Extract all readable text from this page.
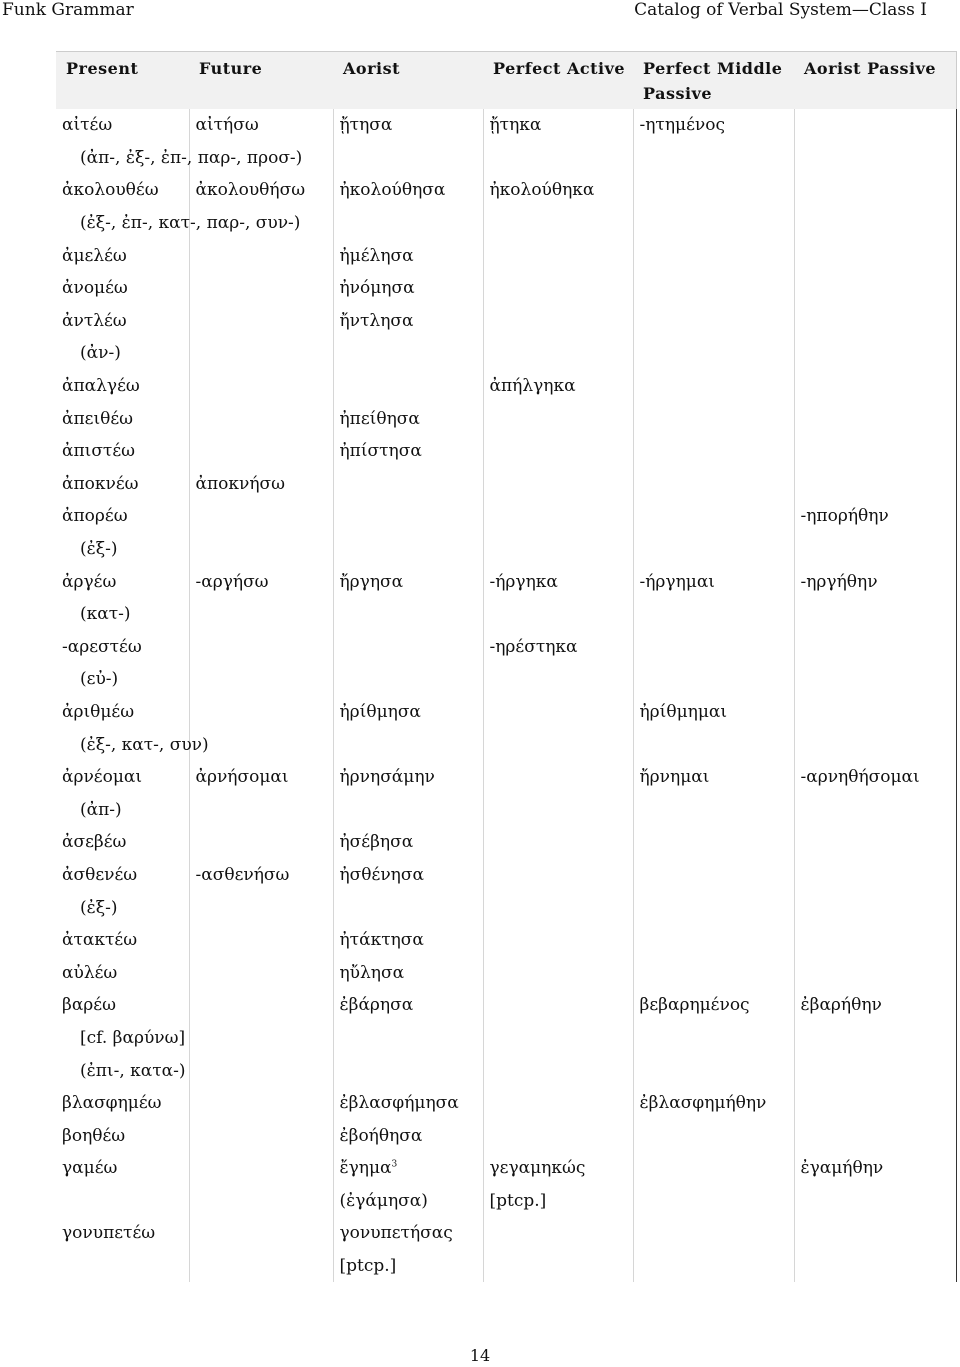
Funk Grammar	Catalog of Verbal System—Class I
Present	Future	Aorist	Perfect Active	Perfect Middle Passive	Aorist Passive
αἰτέω	αἰτήσω	ᾔτησα	ᾔτηκα	-ητημένος	
(ἀπ-, ἐξ-, ἐπ-, παρ-, προσ-)					
ἀκολουθέω	ἀκολουθήσω	ἠκολούθησα	ἠκολούθηκα		
(ἐξ-, ἐπ-, κατ-, παρ-, συν-)					
ἀμελέω		ἠμέλησα			
ἀνομέω		ἠνόμησα			
ἀντλέω		ἤντλησα			
(ἀν-)					
ἀπαλγέω			ἀπήλγηκα		
ἀπειθέω		ἠπείθησα			
ἀπιστέω		ἠπίστησα			
ἀποκνέω	ἀποκνήσω				
ἀπορέω					-ηπορήθην
(ἐξ-)					
ἀργέω	-αργήσω	ἤργησα	-ήργηκα	-ήργημαι	-ηργήθην
(κατ-)					
-αρεστέω			-ηρέστηκα		
(εὐ-)					
ἀριθμέω		ἠρίθμησα		ἠρίθμημαι	
(ἐξ-, κατ-, συν)					
ἀρνέομαι	ἀρνήσομαι	ἠρνησάμην		ἤρνημαι	-αρνηθήσομαι
(ἀπ-)					
ἀσεβέω		ἠσέβησα			
ἀσθενέω	-ασθενήσω	ἠσθένησα			
(ἐξ-)					
ἀτακτέω		ἠτάκτησα			
αὐλέω		ηὔλησα			
βαρέω		ἐβάρησα		βεβαρημένος	ἐβαρήθην
[cf. βαρύνω]					
(ἐπι-, κατα-)					
βλασφημέω		ἐβλασφήμησα		ἐβλασφημήθην	
βοηθέω		ἐβοήθησα			
γαμέω		ἔγημα$^3$	γεγαμηκώς		ἐγαμήθην
		(ἐγάμησα)	[ptcp.]		
γονυπετέω		γονυπετήσας			
		[ptcp.]			
14
